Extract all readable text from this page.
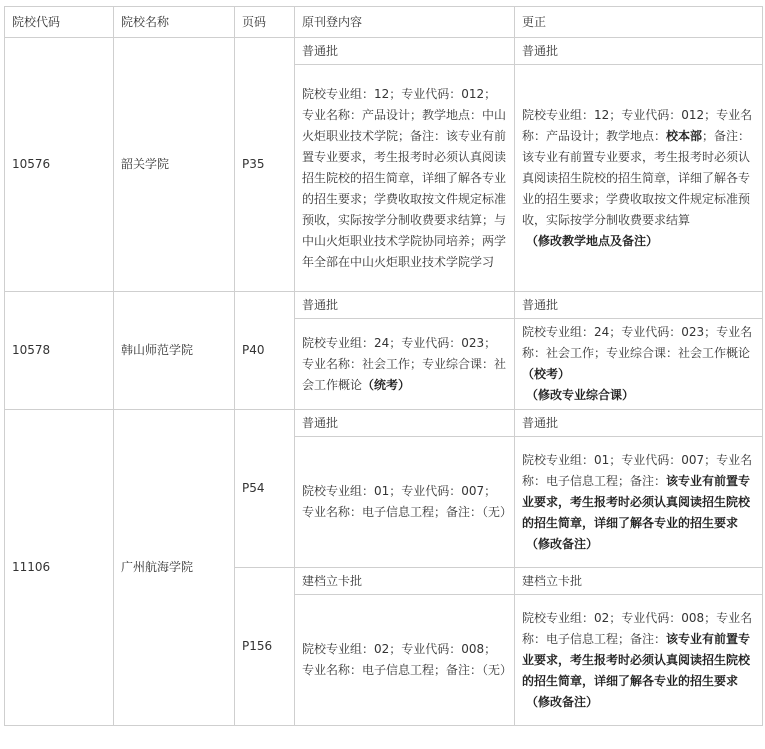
院校代码	院校名称	页码	原刊登内容	更正
10576	韶关学院	P35	普通批	普通批
			院校专业组：12；专业代码：012；专业名称：产品设计；教学地点：中山火炬职业技术学院；备注：该专业有前置专业要求，考生报考时必须认真阅读招生院校的招生简章，详细了解各专业的招生要求；学费收取按文件规定标准预收，实际按学分制收费要求结算；与中山火炬职业技术学院协同培养；两学年全部在中山火炬职业技术学院学习	院校专业组：12；专业代码：012；专业名称：产品设计；教学地点：校本部；备注：该专业有前置专业要求，考生报考时必须认真阅读招生院校的招生简章，详细了解各专业的招生要求；学费收取按文件规定标准预收，实际按学分制收费要求结算
（修改教学地点及备注）

10578	韩山师范学院	P40	普通批	普通批
			院校专业组：24；专业代码：023；专业名称：社会工作；专业综合课：社会工作概论（统考）	院校专业组：24；专业代码：023；专业名称：社会工作；专业综合课：社会工作概论（校考）
（修改专业综合课）

11106	广州航海学院	P54	普通批	普通批
			院校专业组：01；专业代码：007；专业名称：电子信息工程；备注：（无）	院校专业组：01；专业代码：007；专业名称：电子信息工程；备注：该专业有前置专业要求，考生报考时必须认真阅读招生院校的招生简章，详细了解各专业的招生要求
（修改备注）

		P156	建档立卡批	建档立卡批
			院校专业组：02；专业代码：008；专业名称：电子信息工程；备注：（无）	院校专业组：02；专业代码：008；专业名称：电子信息工程；备注：该专业有前置专业要求，考生报考时必须认真阅读招生院校的招生简章，详细了解各专业的招生要求
（修改备注）
